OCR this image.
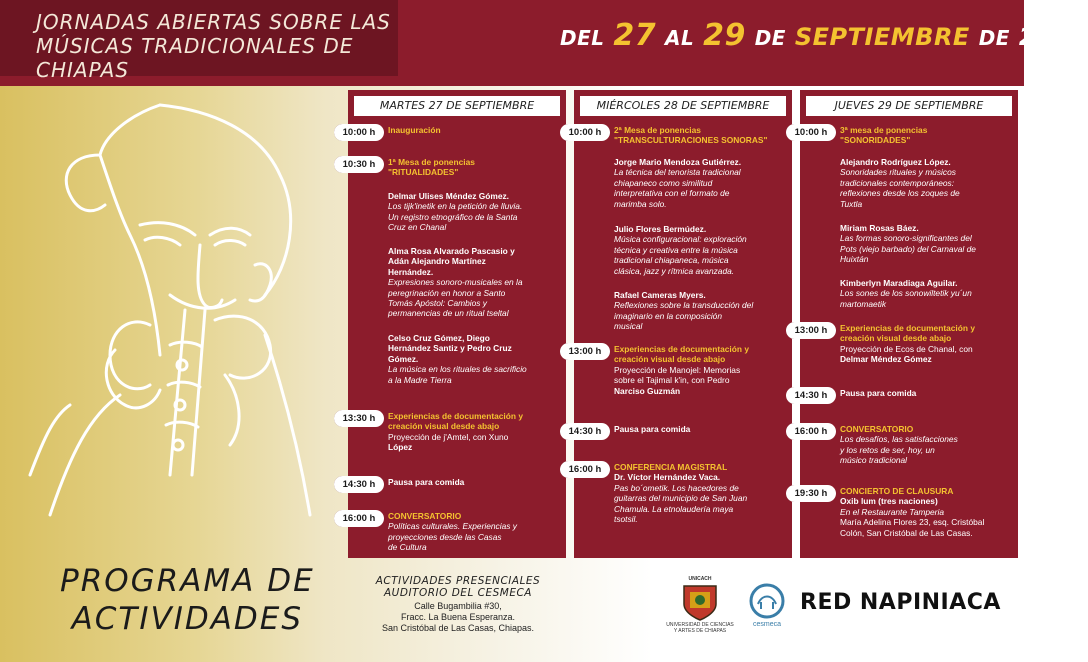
JORNADAS ABIERTAS SOBRE LAS
MÚSICAS TRADICIONALES DE CHIAPAS
DEL 27 AL 29 DE SEPTIEMBRE DE 2022
PROGRAMA DE
ACTIVIDADES
MARTES 27 DE SEPTIEMBRE	MIÉRCOLES 28 DE SEPTIEMBRE	JUEVES 29 DE SEPTIEMBRE
10:00 h	Inauguración
10:30 h	1ª Mesa de ponencias
"RITUALIDADES"
Delmar Ulises Méndez Gómez.
Los tijk'inetik en la petición de lluvia.
Un registro etnográfico de la Santa
Cruz en Chanal
Alma Rosa Alvarado Pascasio y
Adán Alejandro Martínez
Hernández.
Expresiones sonoro-musicales en la
peregrinación en honor a Santo
Tomás Apóstol: Cambios y
permanencias de un ritual tseltal
Celso Cruz Gómez, Diego
Hernández Santiz y Pedro Cruz
Gómez.
La música en los rituales de sacrificio
a la Madre Tierra
13:30 h	Experiencias de documentación y
creación visual desde abajo
Proyección de j'Amtel, con Xuno
López
14:30 h	Pausa para comida
16:00 h	CONVERSATORIO
Políticas culturales. Experiencias y
proyecciones desde las Casas
de Cultura
10:00 h	2ª Mesa de ponencias
"TRANSCULTURACIONES SONORAS"
Jorge Mario Mendoza Gutiérrez.
La técnica del tenorista tradicional
chiapaneco como similitud
interpretativa con el formato de
marimba solo.
Julio Flores Bermúdez.
Música configuracional: exploración
técnica y creativa entre la música
tradicional chiapaneca, música
clásica, jazz y rítmica avanzada.
Rafael Cameras Myers.
Reflexiones sobre la transducción del
imaginario en la composición
musical
13:00 h	Experiencias de documentación y
creación visual desde abajo
Proyección de Manojel: Memorias
sobre el Tajimal k'in, con Pedro
Narciso Guzmán
14:30 h	Pausa para comida
16:00 h	CONFERENCIA MAGISTRAL
Dr. Víctor Hernández Vaca.
Pas bo´ometik. Los hacedores de
guitarras del municipio de San Juan
Chamula. La etnolaudería maya
tsotsil.
10:00 h	3ª mesa de ponencias
"SONORIDADES"
Alejandro Rodríguez López.
Sonoridades rituales y músicos
tradicionales contemporáneos:
reflexiones desde los zoques de
Tuxtla
Miriam Rosas Báez.
Las formas sonoro-significantes del
Pots (viejo barbado) del Carnaval de
Huixtán
Kimberlyn Maradiaga Aguilar.
Los sones de los sonowiltetik yu´un
martomaetik
13:00 h	Experiencias de documentación y
creación visual desde abajo
Proyección de Ecos de Chanal, con
Delmar Méndez Gómez
14:30 h	Pausa para comida
16:00 h	CONVERSATORIO
Los desafíos, las satisfacciones
y los retos de ser, hoy, un
músico tradicional
19:30 h	CONCIERTO DE CLAUSURA
Oxib lum (tres naciones)
En el Restaurante Tamperia
María Adelina Flores 23, esq. Cristóbal
Colón, San Cristóbal de Las Casas.
ACTIVIDADES PRESENCIALES
AUDITORIO DEL CESMECA
Calle Bugambilia #30,
Fracc. La Buena Esperanza.
San Cristóbal de Las Casas, Chiapas.
UNICACH
UNIVERSIDAD DE CIENCIAS
Y ARTES DE CHIAPAS
cesmeca
RED NAPINIACA
